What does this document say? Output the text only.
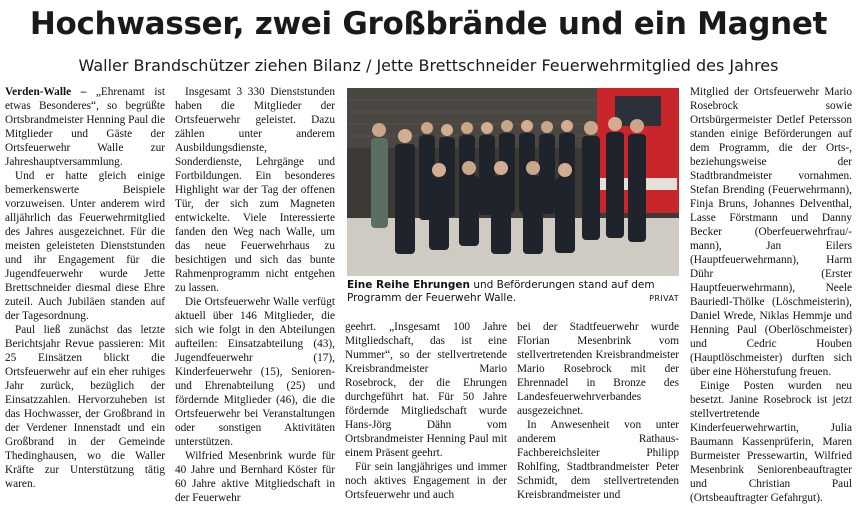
Hochwasser, zwei Großbrände und ein Magnet
Waller Brandschützer ziehen Bilanz / Jette Brettschneider Feuerwehrmitglied des Jahres

Verden-Walle – „Ehrenamt ist etwas Besonderes“, so begrüßte Ortsbrandmeister Henning Paul die Mitglieder und Gäste der Ortsfeuerwehr Walle zur Jahreshauptversammlung.

Und er hatte gleich einige bemerkenswerte Beispiele vorzuweisen. Unter anderem wird alljährlich das Feuerwehrmitglied des Jahres ausgezeichnet. Für die meisten geleisteten Dienststunden und ihr Engagement für die Jugendfeuerwehr wurde Jette Brettschneider diesmal diese Ehre zuteil. Auch Jubiläen standen auf der Tagesordnung.

Paul ließ zunächst das letzte Berichtsjahr Revue passieren: Mit 25 Einsätzen blickt die Ortsfeuerwehr auf ein eher ruhiges Jahr zurück, bezüglich der Einsatzzahlen. Hervorzuheben ist das Hochwasser, der Großbrand in der Verdener Innenstadt und ein Großbrand in der Gemeinde Thedinghausen, wo die Waller Kräfte zur Unterstützung tätig waren.

Insgesamt 3 330 Dienststunden haben die Mitglieder der Ortsfeuerwehr geleistet. Dazu zählen unter anderem Ausbildungsdienste, Sonderdienste, Lehrgänge und Fortbildungen. Ein besonderes Highlight war der Tag der offenen Tür, der sich zum Magneten entwickelte. Viele Interessierte fanden den Weg nach Walle, um das neue Feuerwehrhaus zu besichtigen und sich das bunte Rahmenprogramm nicht entgehen zu lassen.

Die Ortsfeuerwehr Walle verfügt aktuell über 146 Mitglieder, die sich wie folgt in den Abteilungen aufteilen: Einsatzabteilung (43), Jugendfeuerwehr (17), Kinderfeuerwehr (15), Senioren- und Ehrenabteilung (25) und fördernde Mitglieder (46), die die Ortsfeuerwehr bei Veranstaltungen oder sonstigen Aktivitäten unterstützen.

Wilfried Mesenbrink wurde für 40 Jahre und Bernhard Köster für 60 Jahre aktive Mitgliedschaft in der Feuerwehr

Eine Reihe Ehrungen und Beförderungen stand auf dem Programm der Feuerwehr Walle.	PRIVAT

geehrt. „Insgesamt 100 Jahre Mitgliedschaft, das ist eine Nummer“, so der stellvertretende Kreisbrandmeister Mario Rosebrock, der die Ehrungen durchgeführt hat. Für 50 Jahre fördernde Mitgliedschaft wurde Hans-Jörg Dähn vom Ortsbrandmeister Henning Paul mit einem Präsent geehrt.

Für sein langjähriges und immer noch aktives Engagement in der Ortsfeuerwehr und auch

bei der Stadtfeuerwehr wurde Florian Mesenbrink vom stellvertretenden Kreisbrandmeister Mario Rosebrock mit der Ehrennadel in Bronze des Landesfeuerwehrverbandes ausgezeichnet.

In Anwesenheit von unter anderem Rathaus-Fachbereichsleiter Philipp Rohlfing, Stadtbrandmeister Peter Schmidt, dem stellvertretenden Kreisbrandmeister und

Mitglied der Ortsfeuerwehr Mario Rosebrock sowie Ortsbürgermeister Detlef Petersson standen einige Beförderungen auf dem Programm, die der Orts-, beziehungsweise der Stadtbrandmeister vornahmen. Stefan Brending (Feuerwehrmann), Finja Bruns, Johannes Delventhal, Lasse Förstmann und Danny Becker (Oberfeuerwehrfrau/-mann), Jan Eilers (Hauptfeuerwehrmann), Harm Dühr (Erster Hauptfeuerwehrmann), Neele Bauriedl-Thölke (Löschmeisterin), Daniel Wrede, Niklas Hemmje und Henning Paul (Oberlöschmeister) und Cedric Houben (Hauptlöschmeister) durften sich über eine Höherstufung freuen.

Einige Posten wurden neu besetzt. Janine Rosebrock ist jetzt stellvertretende Kinderfeuerwehrwartin, Julia Baumann Kassenprüferin, Maren Burmeister Pressewartin, Wilfried Mesenbrink Seniorenbeauftragter und Christian Paul (Ortsbeauftragter Gefahrgut).
